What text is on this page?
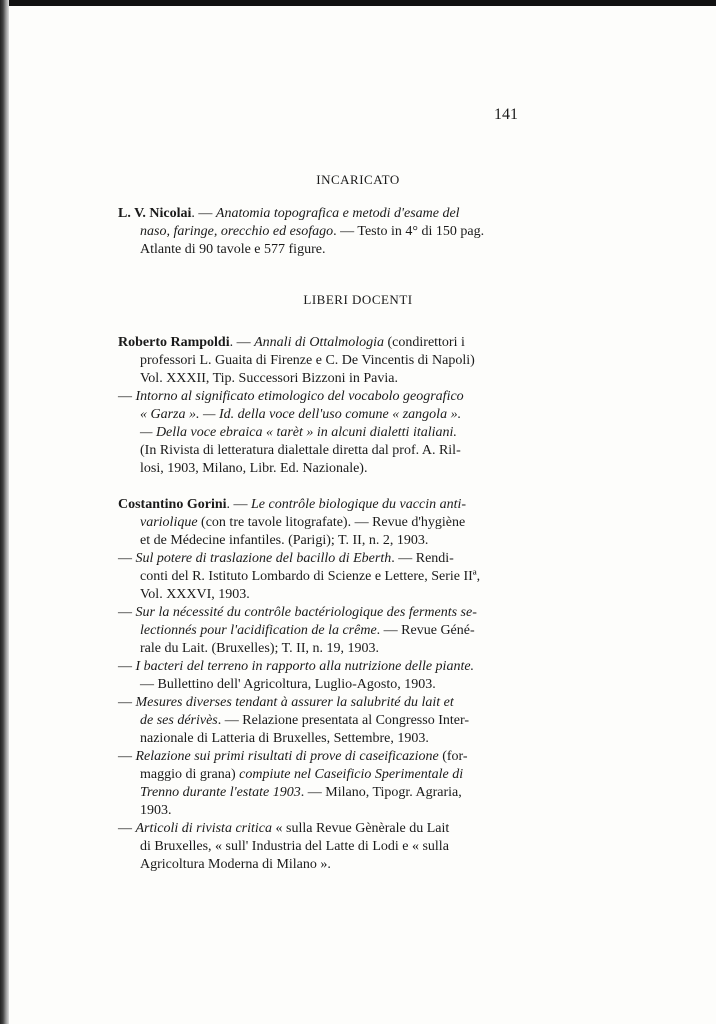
141
INCARICATO
LIBERI DOCENTI
L. V. Nicolai. — Anatomia topografica e metodi d'esame del
naso, faringe, orecchio ed esofago. — Testo in 4° di 150 pag.
Atlante di 90 tavole e 577 figure.
Roberto Rampoldi. — Annali di Ottalmologia (condirettori i
professori L. Guaita di Firenze e C. De Vincentis di Napoli)
Vol. XXXII, Tip. Successori Bizzoni in Pavia.
— Intorno al significato etimologico del vocabolo geografico
« Garza ». — Id. della voce dell'uso comune « zangola ».
— Della voce ebraica « tarèt » in alcuni dialetti italiani.
(In Rivista di letteratura dialettale diretta dal prof. A. Ril-
losi, 1903, Milano, Libr. Ed. Nazionale).
Costantino Gorini. — Le contrôle biologique du vaccin anti-
variolique (con tre tavole litografate). — Revue d'hygiène
et de Médecine infantiles. (Parigi); T. II, n. 2, 1903.
— Sul potere di traslazione del bacillo di Eberth. — Rendi-
conti del R. Istituto Lombardo di Scienze e Lettere, Serie IIª,
Vol. XXXVI, 1903.
— Sur la nécessité du contrôle bactériologique des ferments se-
lectionnés pour l'acidification de la crême. — Revue Géné-
rale du Lait. (Bruxelles); T. II, n. 19, 1903.
— I bacteri del terreno in rapporto alla nutrizione delle piante.
— Bullettino dell' Agricoltura, Luglio-Agosto, 1903.
— Mesures diverses tendant à assurer la salubrité du lait et
de ses dérivès. — Relazione presentata al Congresso Inter-
nazionale di Latteria di Bruxelles, Settembre, 1903.
— Relazione sui primi risultati di prove di caseificazione (for-
maggio di grana) compiute nel Caseificio Sperimentale di
Trenno durante l'estate 1903. — Milano, Tipogr. Agraria,
1903.
— Articoli di rivista critica « sulla Revue Gènèrale du Lait
di Bruxelles, « sull' Industria del Latte di Lodi e « sulla
Agricoltura Moderna di Milano ».
